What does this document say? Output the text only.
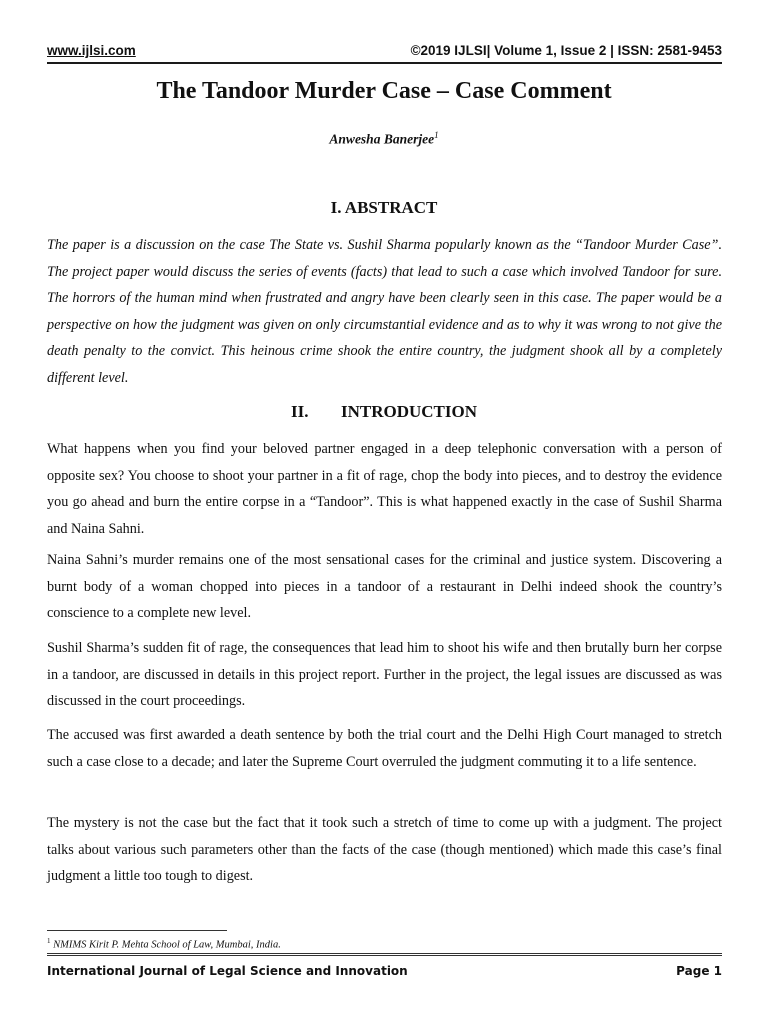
www.ijlsi.com	©2019 IJLSI| Volume 1, Issue 2 | ISSN: 2581-9453
The Tandoor Murder Case – Case Comment
Anwesha Banerjee$^1$
I. ABSTRACT

The paper is a discussion on the case The State vs. Sushil Sharma popularly known as the “Tandoor Murder Case”. The project paper would discuss the series of events (facts) that lead to such a case which involved Tandoor for sure. The horrors of the human mind when frustrated and angry have been clearly seen in this case. The paper would be a perspective on how the judgment was given on only circumstantial evidence and as to why it was wrong to not give the death penalty to the convict. This heinous crime shook the entire country, the judgment shook all by a completely different level.

II. INTRODUCTION

What happens when you find your beloved partner engaged in a deep telephonic conversation with a person of opposite sex? You choose to shoot your partner in a fit of rage, chop the body into pieces, and to destroy the evidence you go ahead and burn the entire corpse in a “Tandoor”. This is what happened exactly in the case of Sushil Sharma and Naina Sahni.

Naina Sahni’s murder remains one of the most sensational cases for the criminal and justice system. Discovering a burnt body of a woman chopped into pieces in a tandoor of a restaurant in Delhi indeed shook the country’s conscience to a complete new level.

Sushil Sharma’s sudden fit of rage, the consequences that lead him to shoot his wife and then brutally burn her corpse in a tandoor, are discussed in details in this project report. Further in the project, the legal issues are discussed as was discussed in the court proceedings.

The accused was first awarded a death sentence by both the trial court and the Delhi High Court managed to stretch such a case close to a decade; and later the Supreme Court overruled the judgment commuting it to a life sentence.

The mystery is not the case but the fact that it took such a stretch of time to come up with a judgment. The project talks about various such parameters other than the facts of the case (though mentioned) which made this case’s final judgment a little too tough to digest.

$^1$ NMIMS Kirit P. Mehta School of Law, Mumbai, India.
International Journal of Legal Science and Innovation	Page 1
